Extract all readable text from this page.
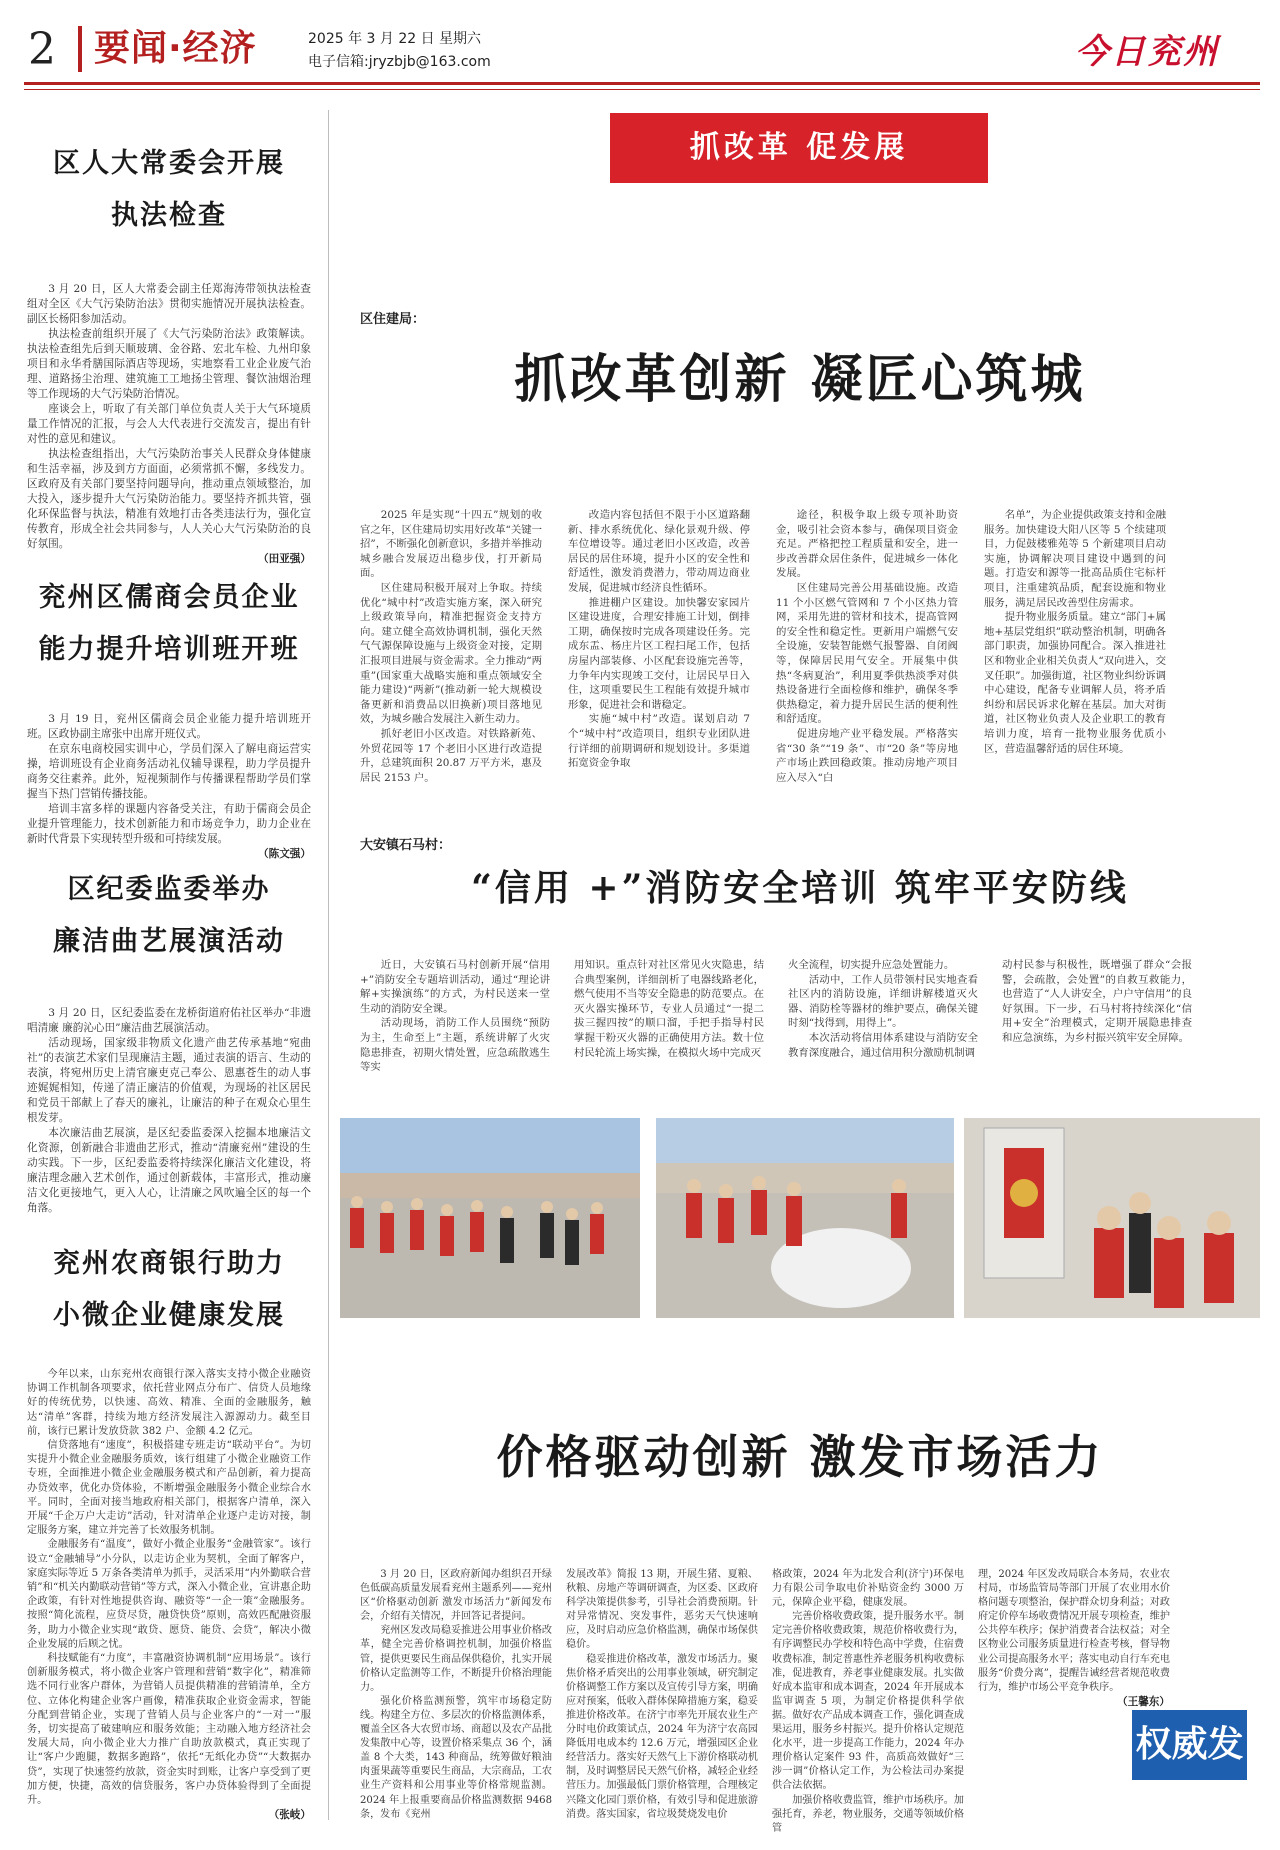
2 要闻·经济	2025 年 3 月 22 日 星期六
电子信箱:jryzbjb@163.com	今日兖州
区人大常委会开展
执法检查

3 月 20 日，区人大常委会副主任郑海涛带领执法检查组对全区《大气污染防治法》贯彻实施情况开展执法检查。副区长杨阳参加活动。

执法检查前组织开展了《大气污染防治法》政策解读。执法检查组先后到天顺玻璃、金谷路、宏北车检、九州印象项目和永华肴膳国际酒店等现场，实地察看工业企业废气治理、道路扬尘治理、建筑施工工地扬尘管理、餐饮油烟治理等工作现场的大气污染防治情况。

座谈会上，听取了有关部门单位负责人关于大气环境质量工作情况的汇报，与会人大代表进行交流发言，提出有针对性的意见和建议。

执法检查组指出，大气污染防治事关人民群众身体健康和生活幸福，涉及到方方面面，必须常抓不懈，多线发力。区政府及有关部门要坚持问题导向，推动重点领域整治，加大投入，逐步提升大气污染防治能力。要坚持齐抓共管，强化环保监督与执法，精准有效地打击各类违法行为，强化宣传教育，形成全社会共同参与，人人关心大气污染防治的良好氛围。

（田亚强）
兖州区儒商会员企业
能力提升培训班开班

3 月 19 日，兖州区儒商会员企业能力提升培训班开班。区政协副主席张中出席开班仪式。

在京东电商校园实训中心，学员们深入了解电商运营实操，培训班设有企业商务活动礼仪辅导课程，助力学员提升商务交往素养。此外，短视频制作与传播课程帮助学员们掌握当下热门营销传播技能。

培训丰富多样的课题内容备受关注，有助于儒商会员企业提升管理能力，技术创新能力和市场竞争力，助力企业在新时代背景下实现转型升级和可持续发展。

（陈文强）
区纪委监委举办
廉洁曲艺展演活动

3 月 20 日，区纪委监委在龙桥街道府佑社区举办“非遗唱清廉 廉韵沁心田”廉洁曲艺展演活动。

活动现场，国家级非物质文化遗产曲艺传承基地“宛曲社”的表演艺术家们呈现廉洁主题，通过表演的语言、生动的表演，将宛州历史上清官廉吏克己奉公、恩惠苍生的动人事迹娓娓相知，传递了清正廉洁的价值观，为现场的社区居民和党员干部献上了春天的廉礼，让廉洁的种子在观众心里生根发芽。

本次廉洁曲艺展演，是区纪委监委深入挖掘本地廉洁文化资源，创新融合非遗曲艺形式，推动“清廉兖州”建设的生动实践。下一步，区纪委监委将持续深化廉洁文化建设，将廉洁理念融入艺术创作，通过创新载体，丰富形式，推动廉洁文化更接地气，更入人心，让清廉之风吹遍全区的每一个角落。

兖州农商银行助力
小微企业健康发展

今年以来，山东兖州农商银行深入落实支持小微企业融资协调工作机制各项要求，依托营业网点分布广、信贷人员地缘好的传统优势，以快速、高效、精准、全面的金融服务，触达“清单”客群，持续为地方经济发展注入源源动力。截至目前，该行已累计发放贷款 382 户、金额 4.2 亿元。

信贷落地有“速度”，积极搭建专班走访“联动平台”。为切实提升小微企业金融服务质效，该行组建了小微企业融资工作专班，全面推进小微企业金融服务模式和产品创新，着力提高办贷效率，优化办贷体验，不断增强金融服务小微企业综合水平。同时，全面对接当地政府相关部门，根据客户清单，深入开展“千企万户大走访”活动，针对清单企业逐户走访对接，制定服务方案，建立并完善了长效服务机制。

金融服务有“温度”，做好小微企业服务“金融管家”。该行设立“金融辅导”小分队，以走访企业为契机，全面了解客户，家庭实际等近 5 万条各类清单为抓手，灵活采用“内外勤联合营销”和“机关内勤联动营销”等方式，深入小微企业，宣讲惠企助企政策，有针对性地提供咨询、融资等“一企一策”金融服务。按照“简化流程，应贷尽贷，融贷快贷”原则，高效匹配融资服务，助力小微企业实现“敢贷、愿贷、能贷、会贷”，解决小微企业发展的后顾之忧。

科技赋能有“力度”，丰富融资协调机制“应用场景”。该行创新服务模式，将小微企业客户管理和营销“数字化”，精准筛选不同行业客户群体，为营销人员提供精准的营销清单，全方位、立体化构建企业客户画像，精准获取企业资金需求，智能分配到营销企业，实现了营销人员与企业客户的“一对一”服务，切实提高了破建响应和服务效能；主动融入地方经济社会发展大局，向小微企业大力推广自助放款模式，真正实现了让“客户少跑腿，数据多跑路”，依托“无纸化办贷”“大数据办贷”，实现了快速签约放款，资金实时到账，让客户享受到了更加方便，快捷，高效的信贷服务，客户办贷体验得到了全面提升。

（张岐）
抓改革 促发展
区住建局：
抓改革创新 凝匠心筑城

2025 年是实现“十四五”规划的收官之年，区住建局切实用好改革“关键一招”，不断强化创新意识，多措并举推动城乡融合发展迈出稳步伐，打开新局面。

区住建局积极开展对上争取。持续优化“城中村”改造实施方案，深入研究上级政策导向，精准把握资金支持方向。建立健全高效协调机制，强化天然气气源保障设施与上级资金对接，定期汇报项目进展与资金需求。全力推动“两重”(国家重大战略实施和重点领域安全能力建设)“两新”(推动新一轮大规模设备更新和消费品以旧换新)项目落地见效，为城乡融合发展注入新生动力。

抓好老旧小区改造。对铁路新苑、外贸花园等 17 个老旧小区进行改造提升，总建筑面积 20.87 万平方米，惠及居民 2153 户。

改造内容包括但不限于小区道路翻新、排水系统优化、绿化景观升级、停车位增设等。通过老旧小区改造，改善居民的居住环境，提升小区的安全性和舒适性，激发消费潜力，带动周边商业发展，促进城市经济良性循环。

推进棚户区建设。加快馨安家园片区建设进度，合理安排施工计划，倒排工期，确保按时完成各项建设任务。完成东盂、杨庄片区工程扫尾工作，包括房屋内部装修、小区配套设施完善等，力争年内实现竣工交付，让居民早日入住，这项重要民生工程能有效提升城市形象，促进社会和谐稳定。

实施“城中村”改造。谋划启动 7 个“城中村”改造项目，组织专业团队进行详细的前期调研和规划设计。多渠道拓宽资金争取

途径，积极争取上级专项补助资金，吸引社会资本参与，确保项目资金充足。严格把控工程质量和安全，进一步改善群众居住条件，促进城乡一体化发展。

区住建局完善公用基础设施。改造 11 个小区燃气管网和 7 个小区热力管网，采用先进的管材和技术，提高管网的安全性和稳定性。更新用户端燃气安全设施，安装智能燃气报警器、自闭阀等，保障居民用气安全。开展集中供热“冬病夏治”，利用夏季供热淡季对供热设备进行全面检修和维护，确保冬季供热稳定，着力提升居民生活的便利性和舒适度。

促进房地产业平稳发展。严格落实省“30 条”“19 条”、市“20 条”等房地产市场止跌回稳政策。推动房地产项目应入尽入“白

名单”，为企业提供政策支持和金融服务。加快建设大阳八区等 5 个续建项目，力促鼓楼雅苑等 5 个新建项目启动实施，协调解决项目建设中遇到的问题。打造安和源等一批高品质住宅标杆项目，注重建筑品质，配套设施和物业服务，满足居民改善型住房需求。

提升物业服务质量。建立“部门+属地+基层党组织”联动整治机制，明确各部门职责，加强协同配合。深入推进社区和物业企业相关负责人“双向进入，交叉任职”。加强街道，社区物业纠纷诉调中心建设，配备专业调解人员，将矛盾纠纷和居民诉求化解在基层。加大对街道，社区物业负责人及企业职工的教育培训力度，培育一批物业服务优质小区，营造温馨舒适的居住环境。

大安镇石马村：
“信用 +”消防安全培训 筑牢平安防线

近日，大安镇石马村创新开展“信用+”消防安全专题培训活动，通过“理论讲解+实操演练”的方式，为村民送来一堂生动的消防安全课。

活动现场，消防工作人员围绕“预防为主，生命至上”主题，系统讲解了火灾隐患排查，初期火情处置，应急疏散逃生等实

用知识。重点针对社区常见火灾隐患，结合典型案例，详细剖析了电器线路老化，燃气使用不当等安全隐患的防范要点。在灭火器实操环节，专业人员通过“一提二拔三握四按”的顺口溜，手把手指导村民掌握干粉灭火器的正确使用方法。数十位村民轮流上场实操，在模拟火场中完成灭

火全流程，切实提升应急处置能力。

活动中，工作人员带领村民实地查看社区内的消防设施，详细讲解楼道灭火器、消防栓等器材的维护要点，确保关键时刻“找得到，用得上”。

本次活动将信用体系建设与消防安全教育深度融合，通过信用积分激励机制调

动村民参与积极性，既增强了群众“会报警，会疏散，会处置”的自救互救能力，也营造了“人人讲安全，户户守信用”的良好氛围。下一步，石马村将持续深化“信用+安全”治理模式，定期开展隐患排查和应急演练，为乡村振兴筑牢安全屏障。

价格驱动创新 激发市场活力

3 月 20 日，区政府新闻办组织召开绿色低碳高质量发展看兖州主题系列——兖州区“价格驱动创新 激发市场活力”新闻发布会，介绍有关情况，并回答记者提问。

兖州区发改局稳妥推进公用事业价格改革，健全完善价格调控机制，加强价格监管，提供更要民生商品保供稳价，扎实开展价格认定监测等工作，不断提升价格治理能力。

强化价格监测预警，筑牢市场稳定防线。构建全方位、多层次的价格监测体系，覆盖全区各大农贸市场、商超以及农产品批发集散中心等，设置价格采集点 36 个，涵盖 8 个大类，143 种商品，统筹做好粮油肉蛋果蔬等重要民生商品，大宗商品，工农业生产资料和公用事业等价格常规监测。2024 年上报重要商品价格监测数据 9468 条，发布《兖州

发展改革》简报 13 期，开展生猪、夏粮、秋粮、房地产等调研调查，为区委、区政府科学决策提供参考，引导社会消费预期。针对异常情况、突发事件，恶劣天气快速响应，及时启动应急价格监测，确保市场保供稳价。

稳妥推进价格改革，激发市场活力。聚焦价格矛盾突出的公用事业领域，研究制定价格调整工作方案以及宣传引导方案，明确应对预案，低收入群体保障措施方案，稳妥推进价格改革。在济宁市率先开展农业生产分时电价政策试点，2024 年为济宁农高园降低用电成本约 12.6 万元，增强园区企业经营活力。落实好天然气上下游价格联动机制，及时调整居民天然气价格，减轻企业经营压力。加强最低门票价格管理，合理核定兴隆文化园门票价格，有效引导和促进旅游消费。落实国家，省垃圾焚烧发电价

格政策，2024 年为北发合利(济宁)环保电力有限公司争取电价补贴资金约 3000 万元，保障企业平稳，健康发展。

完善价格收费政策，提升服务水平。制定完善价格收费政策，规范价格收费行为，有序调整民办学校和特色高中学费，住宿费收费标准，制定普惠性养老服务机构收费标准，促进教育，养老事业健康发展。扎实做好成本监审和成本调查，2024 年开展成本监审调查 5 项，为制定价格提供科学依据。做好农产品成本调查工作，强化调查成果运用，服务乡村振兴。提升价格认定规范化水平，进一步提高工作能力，2024 年办理价格认定案件 93 件，高质高效做好“三涉一调”价格认定工作，为公检法司办案提供合法依据。

加强价格收费监管，维护市场秩序。加强托育，养老，物业服务，交通等领域价格管

理，2024 年区发改局联合本务局，农业农村局，市场监管局等部门开展了农业用水价格问题专项整治，保护群众切身利益；对政府定价停车场收费情况开展专项检查，维护公共停车秩序；保护消费者合法权益；对全区物业公司服务质量进行检查考核，督导物业公司提高服务水平；落实电动自行车充电服务“价费分离”，提醒告诫经营者规范收费行为，维护市场公平竞争秩序。

（王馨东）
权威发布
